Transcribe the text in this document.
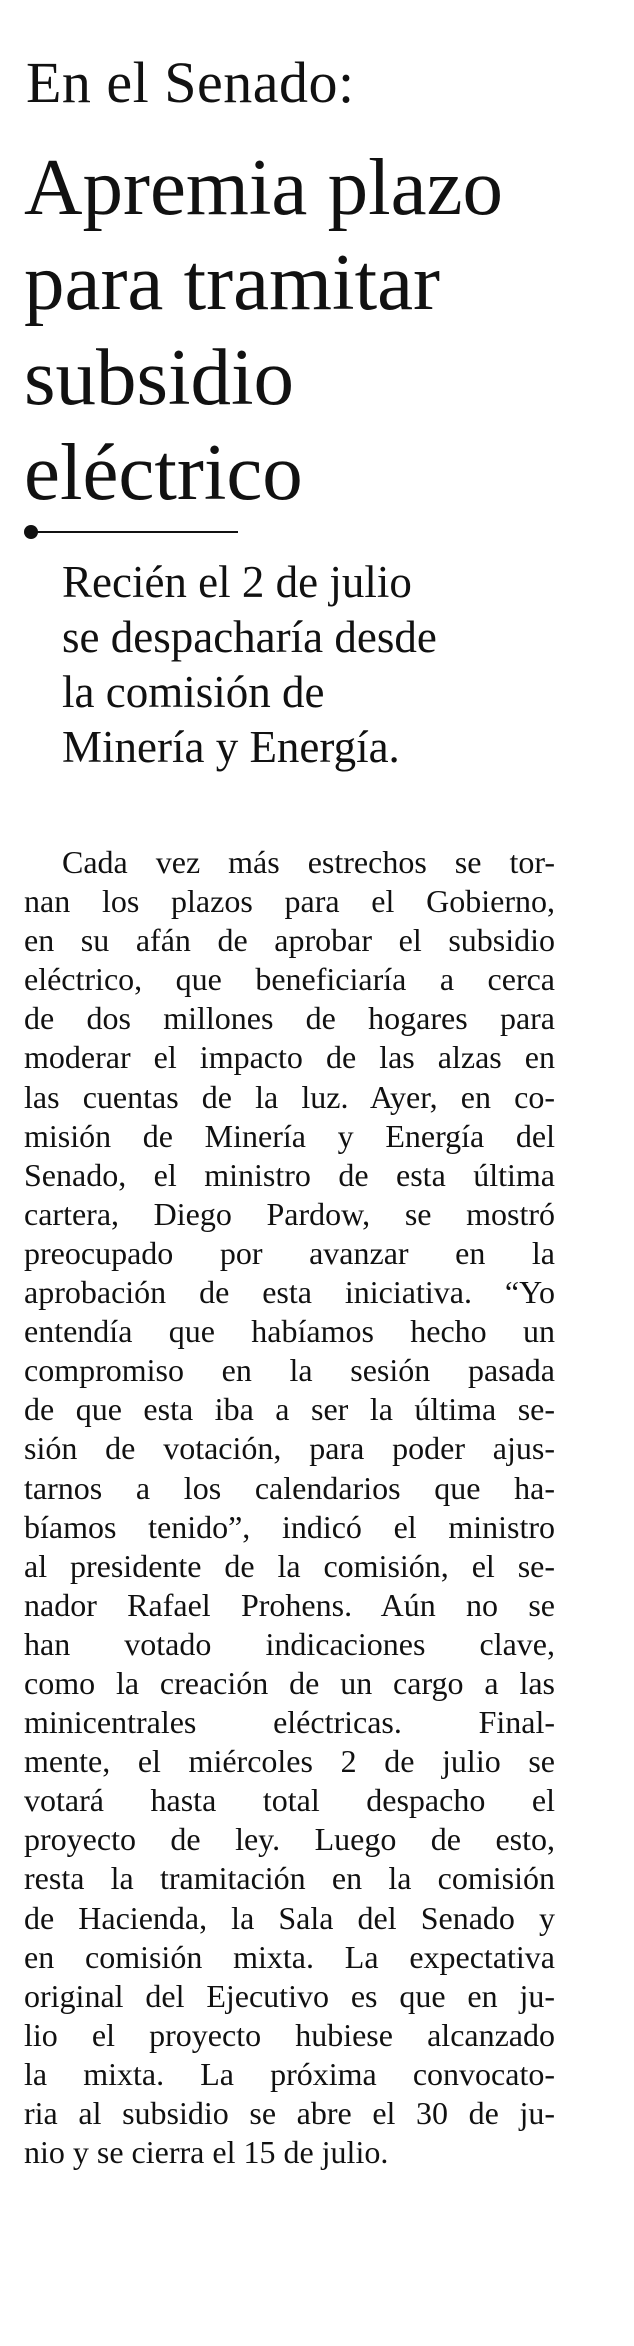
En el Senado:
Apremia plazo
para tramitar
subsidio
eléctrico
Recién el 2 de julio
se despacharía desde
la comisión de
Minería y Energía.
Cada vez más estrechos se tor-
nan los plazos para el Gobierno,
en su afán de aprobar el subsidio
eléctrico, que beneficiaría a cerca
de dos millones de hogares para
moderar el impacto de las alzas en
las cuentas de la luz. Ayer, en co-
misión de Minería y Energía del
Senado, el ministro de esta última
cartera, Diego Pardow, se mostró
preocupado por avanzar en la
aprobación de esta iniciativa. “Yo
entendía que habíamos hecho un
compromiso en la sesión pasada
de que esta iba a ser la última se-
sión de votación, para poder ajus-
tarnos a los calendarios que ha-
bíamos tenido”, indicó el ministro
al presidente de la comisión, el se-
nador Rafael Prohens. Aún no se
han votado indicaciones clave,
como la creación de un cargo a las
minicentrales eléctricas. Final-
mente, el miércoles 2 de julio se
votará hasta total despacho el
proyecto de ley. Luego de esto,
resta la tramitación en la comisión
de Hacienda, la Sala del Senado y
en comisión mixta. La expectativa
original del Ejecutivo es que en ju-
lio el proyecto hubiese alcanzado
la mixta. La próxima convocato-
ria al subsidio se abre el 30 de ju-
nio y se cierra el 15 de julio.
